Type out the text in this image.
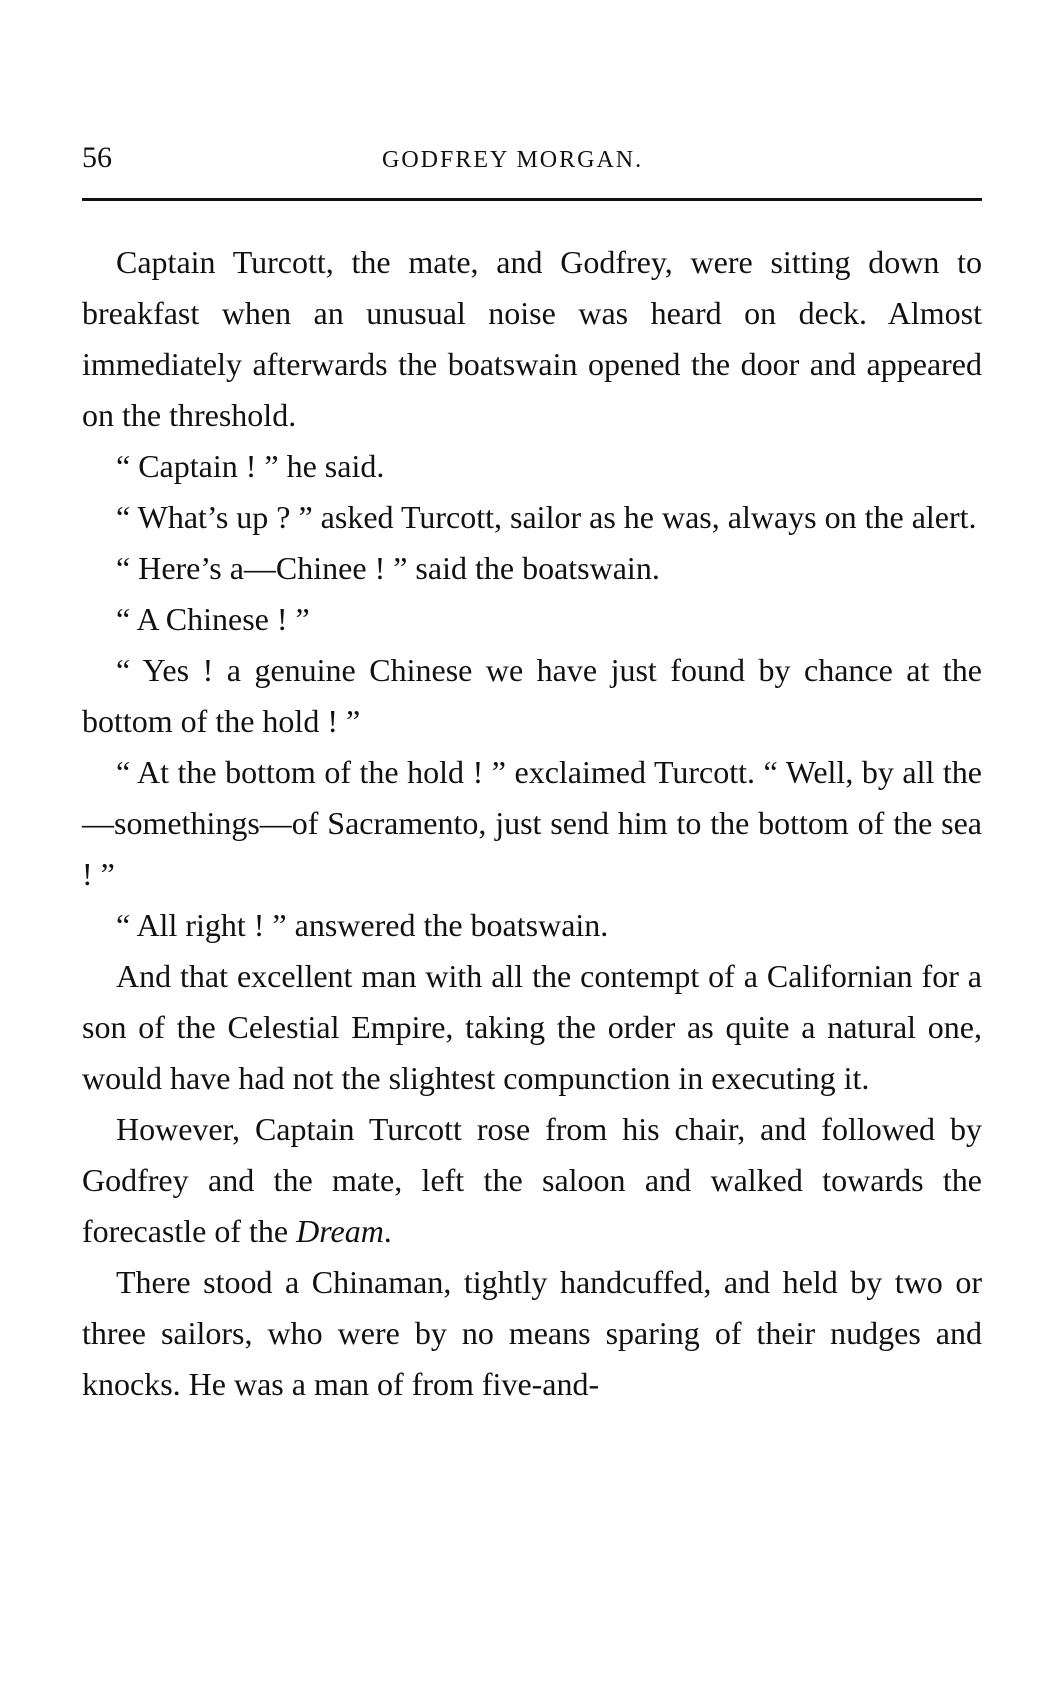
56	GODFREY MORGAN.

Captain Turcott, the mate, and Godfrey, were sitting down to breakfast when an unusual noise was heard on deck. Almost immediately afterwards the boatswain opened the door and appeared on the threshold.

“ Captain ! ” he said.

“ What’s up ? ” asked Turcott, sailor as he was, always on the alert.

“ Here’s a—Chinee ! ” said the boatswain.

“ A Chinese ! ”

“ Yes ! a genuine Chinese we have just found by chance at the bottom of the hold ! ”

“ At the bottom of the hold ! ” exclaimed Turcott. “ Well, by all the—somethings—of Sacramento, just send him to the bottom of the sea ! ”

“ All right ! ” answered the boatswain.

And that excellent man with all the contempt of a Californian for a son of the Celestial Empire, taking the order as quite a natural one, would have had not the slightest compunction in executing it.

However, Captain Turcott rose from his chair, and followed by Godfrey and the mate, left the saloon and walked towards the forecastle of the Dream.

There stood a Chinaman, tightly handcuffed, and held by two or three sailors, who were by no means sparing of their nudges and knocks. He was a man of from five-and-
